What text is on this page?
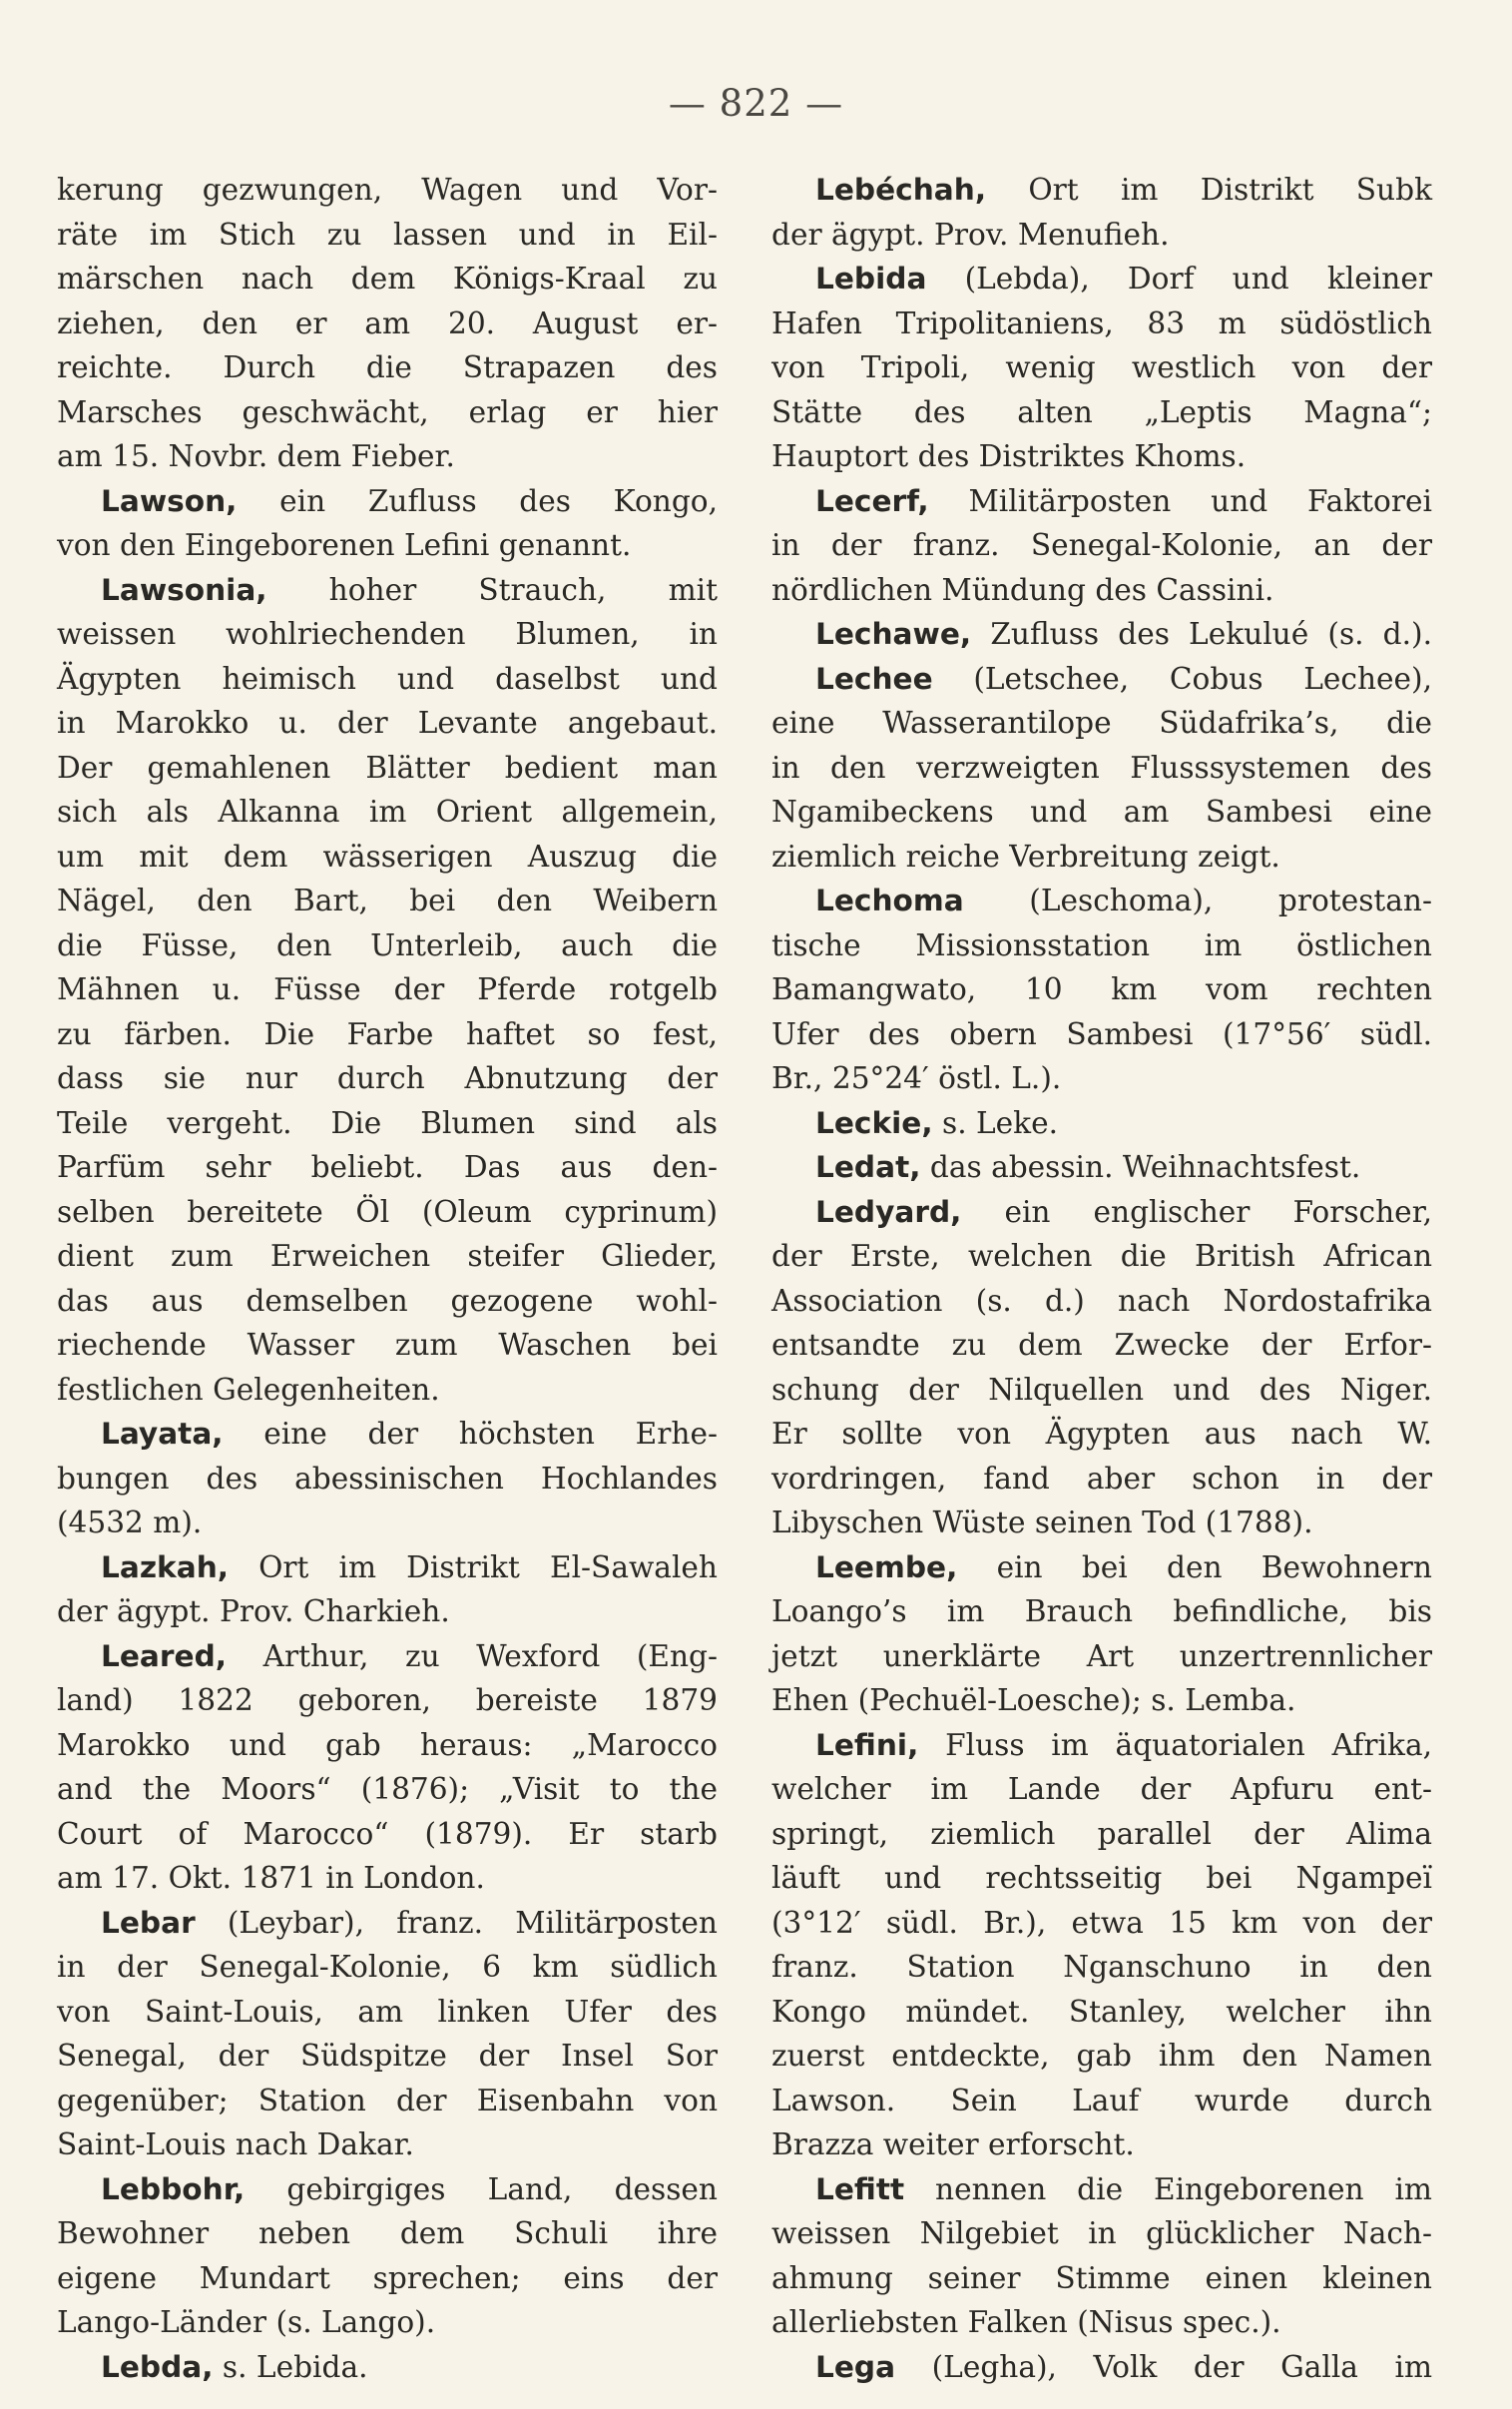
— 822 —
kerung gezwungen, Wagen und Vor-
räte im Stich zu lassen und in Eil-
märschen nach dem Königs-Kraal zu
ziehen, den er am 20. August er-
reichte. Durch die Strapazen des
Marsches geschwächt, erlag er hier
am 15. Novbr. dem Fieber.
Lawson, ein Zufluss des Kongo,
von den Eingeborenen Lefini genannt.
Lawsonia, hoher Strauch, mit
weissen wohlriechenden Blumen, in
Ägypten heimisch und daselbst und
in Marokko u. der Levante angebaut.
Der gemahlenen Blätter bedient man
sich als Alkanna im Orient allgemein,
um mit dem wässerigen Auszug die
Nägel, den Bart, bei den Weibern
die Füsse, den Unterleib, auch die
Mähnen u. Füsse der Pferde rotgelb
zu färben. Die Farbe haftet so fest,
dass sie nur durch Abnutzung der
Teile vergeht. Die Blumen sind als
Parfüm sehr beliebt. Das aus den-
selben bereitete Öl (Oleum cyprinum)
dient zum Erweichen steifer Glieder,
das aus demselben gezogene wohl-
riechende Wasser zum Waschen bei
festlichen Gelegenheiten.
Layata, eine der höchsten Erhe-
bungen des abessinischen Hochlandes
(4532 m).
Lazkah, Ort im Distrikt El-Sawaleh
der ägypt. Prov. Charkieh.
Leared, Arthur, zu Wexford (Eng-
land) 1822 geboren, bereiste 1879
Marokko und gab heraus: „Marocco
and the Moors“ (1876); „Visit to the
Court of Marocco“ (1879). Er starb
am 17. Okt. 1871 in London.
Lebar (Leybar), franz. Militärposten
in der Senegal-Kolonie, 6 km südlich
von Saint-Louis, am linken Ufer des
Senegal, der Südspitze der Insel Sor
gegenüber; Station der Eisenbahn von
Saint-Louis nach Dakar.
Lebbohr, gebirgiges Land, dessen
Bewohner neben dem Schuli ihre
eigene Mundart sprechen; eins der
Lango-Länder (s. Lango).
Lebda, s. Lebida.
Lebéchah, Ort im Distrikt Subk
der ägypt. Prov. Menufieh.
Lebida (Lebda), Dorf und kleiner
Hafen Tripolitaniens, 83 m südöstlich
von Tripoli, wenig westlich von der
Stätte des alten „Leptis Magna“;
Hauptort des Distriktes Khoms.
Lecerf, Militärposten und Faktorei
in der franz. Senegal-Kolonie, an der
nördlichen Mündung des Cassini.
Lechawe, Zufluss des Lekulué (s. d.).
Lechee (Letschee, Cobus Lechee),
eine Wasserantilope Südafrika’s, die
in den verzweigten Flusssystemen des
Ngamibeckens und am Sambesi eine
ziemlich reiche Verbreitung zeigt.
Lechoma (Leschoma), protestan-
tische Missionsstation im östlichen
Bamangwato, 10 km vom rechten
Ufer des obern Sambesi (17°56′ südl.
Br., 25°24′ östl. L.).
Leckie, s. Leke.
Ledat, das abessin. Weihnachtsfest.
Ledyard, ein englischer Forscher,
der Erste, welchen die British African
Association (s. d.) nach Nordostafrika
entsandte zu dem Zwecke der Erfor-
schung der Nilquellen und des Niger.
Er sollte von Ägypten aus nach W.
vordringen, fand aber schon in der
Libyschen Wüste seinen Tod (1788).
Leembe, ein bei den Bewohnern
Loango’s im Brauch befindliche, bis
jetzt unerklärte Art unzertrennlicher
Ehen (Pechuël-Loesche); s. Lemba.
Lefini, Fluss im äquatorialen Afrika,
welcher im Lande der Apfuru ent-
springt, ziemlich parallel der Alima
läuft und rechtsseitig bei Ngampeï
(3°12′ südl. Br.), etwa 15 km von der
franz. Station Nganschuno in den
Kongo mündet. Stanley, welcher ihn
zuerst entdeckte, gab ihm den Namen
Lawson. Sein Lauf wurde durch
Brazza weiter erforscht.
Lefitt nennen die Eingeborenen im
weissen Nilgebiet in glücklicher Nach-
ahmung seiner Stimme einen kleinen
allerliebsten Falken (Nisus spec.).
Lega (Legha), Volk der Galla im
